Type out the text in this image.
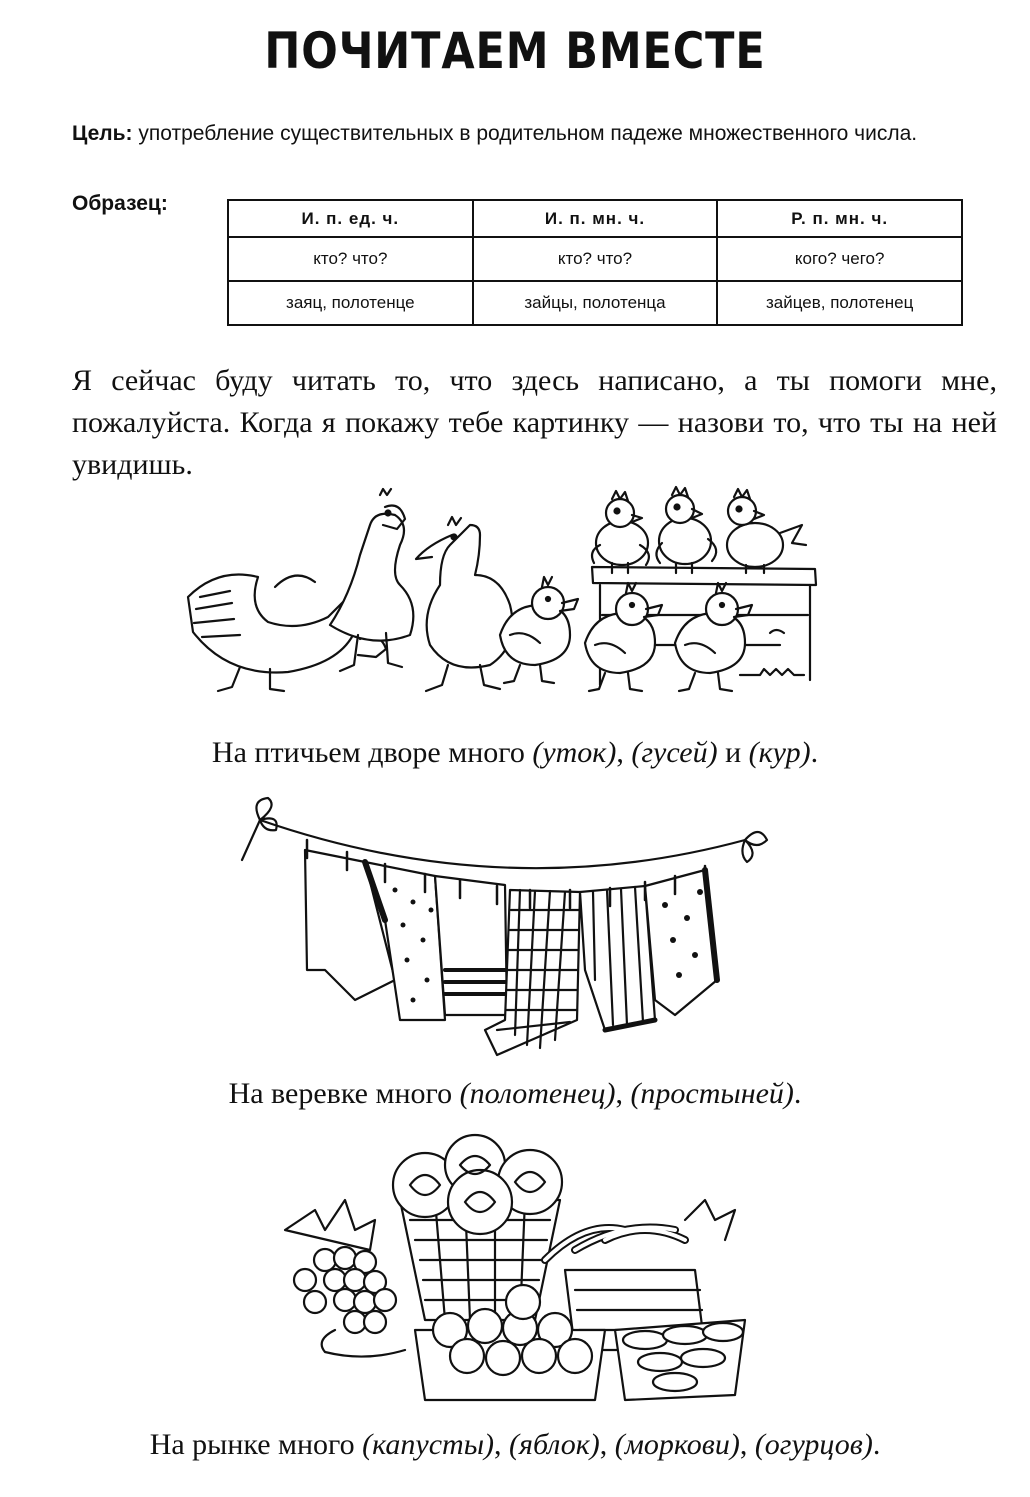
ПОЧИТАЕМ ВМЕСТЕ
Цель: употребление существительных в родительном падеже множественного числа.
Образец:
И. п. ед. ч.	И. п. мн. ч.	Р. п. мн. ч.
кто? что?	кто? что?	кого? чего?
заяц, полотенце	зайцы, полотенца	зайцев, полотенец
Я сейчас буду читать то, что здесь написано, а ты помоги мне, пожалуйста. Когда я покажу тебе картинку — назови то, что ты на ней увидишь.
На птичьем дворе много (уток), (гусей) и (кур).
На веревке много (полотенец), (простыней).
На рынке много (капусты), (яблок), (моркови), (огурцов).
